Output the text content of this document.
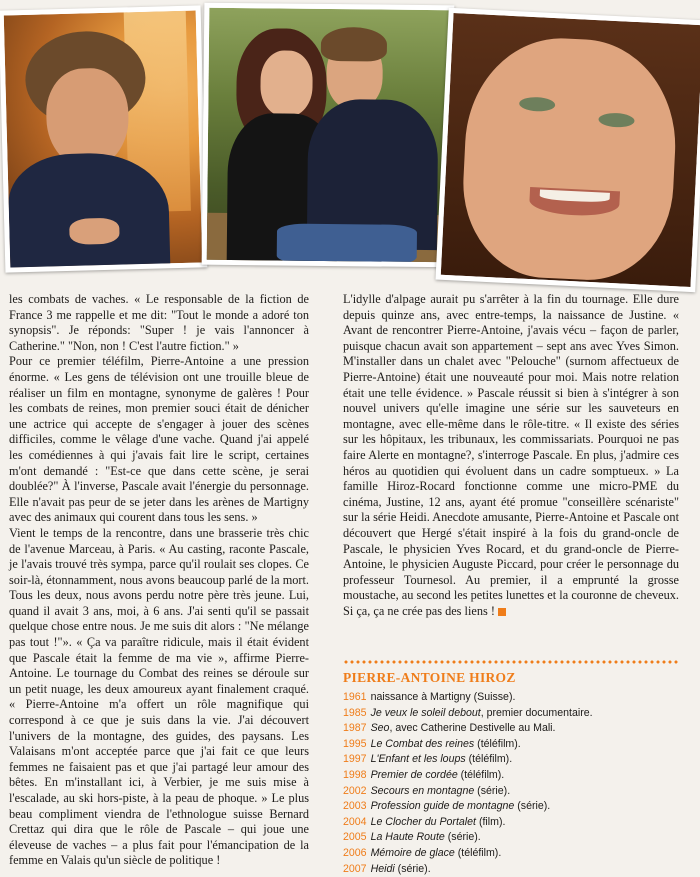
les combats de vaches. « Le responsable de la fiction de France 3 me rappelle et me dit: "Tout le monde a adoré ton synopsis". Je réponds: "Super ! je vais l'annoncer à Catherine." "Non, non ! C'est l'autre fiction." »

Pour ce premier téléfilm, Pierre-Antoine a une pression énorme. « Les gens de télévision ont une trouille bleue de réaliser un film en montagne, synonyme de galères ! Pour les combats de reines, mon premier souci était de dénicher une actrice qui accepte de s'engager à jouer des scènes difficiles, comme le vêlage d'une vache. Quand j'ai appelé les comédiennes à qui j'avais fait lire le script, certaines m'ont demandé : "Est-ce que dans cette scène, je serai doublée?" À l'inverse, Pascale avait l'énergie du personnage. Elle n'avait pas peur de se jeter dans les arènes de Martigny avec des animaux qui courent dans tous les sens. »

Vient le temps de la rencontre, dans une brasserie très chic de l'avenue Marceau, à Paris. « Au casting, raconte Pascale, je l'avais trouvé très sympa, parce qu'il roulait ses clopes. Ce soir-là, étonnamment, nous avons beaucoup parlé de la mort. Tous les deux, nous avons perdu notre père très jeune. Lui, quand il avait 3 ans, moi, à 6 ans. J'ai senti qu'il se passait quelque chose entre nous. Je me suis dit alors : "Ne mélange pas tout !"». « Ça va paraître ridicule, mais il était évident que Pascale était la femme de ma vie », affirme Pierre-Antoine. Le tournage du Combat des reines se déroule sur un petit nuage, les deux amoureux ayant finalement craqué. « Pierre-Antoine m'a offert un rôle magnifique qui correspond à ce que je suis dans la vie. J'ai découvert l'univers de la montagne, des guides, des paysans. Les Valaisans m'ont acceptée parce que j'ai fait ce que leurs femmes ne faisaient pas et que j'ai partagé leur amour des bêtes. En m'installant ici, à Verbier, je me suis mise à l'escalade, au ski hors-piste, à la peau de phoque. » Le plus beau compliment viendra de l'ethnologue suisse Bernard Crettaz qui dira que le rôle de Pascale – qui joue une éleveuse de vaches – a plus fait pour l'émancipation de la femme en Valais qu'un siècle de politique !

L'idylle d'alpage aurait pu s'arrêter à la fin du tournage. Elle dure depuis quinze ans, avec entre-temps, la naissance de Justine. « Avant de rencontrer Pierre-Antoine, j'avais vécu – façon de parler, puisque chacun avait son appartement – sept ans avec Yves Simon. M'installer dans un chalet avec "Pelouche" (surnom affectueux de Pierre-Antoine) était une nouveauté pour moi. Mais notre relation était une telle évidence. » Pascale réussit si bien à s'intégrer à son nouvel univers qu'elle imagine une série sur les sauveteurs en montagne, avec elle-même dans le rôle-titre. « Il existe des séries sur les hôpitaux, les tribunaux, les commissariats. Pourquoi ne pas faire Alerte en montagne?, s'interroge Pascale. En plus, j'admire ces héros au quotidien qui évoluent dans un cadre somptueux. » La famille Hiroz-Rocard fonctionne comme une micro-PME du cinéma, Justine, 12 ans, ayant été promue "conseillère scénariste" sur la série Heidi. Anecdote amusante, Pierre-Antoine et Pascale ont découvert que Hergé s'était inspiré à la fois du grand-oncle de Pascale, le physicien Yves Rocard, et du grand-oncle de Pierre-Antoine, le physicien Auguste Piccard, pour créer le personnage du professeur Tournesol. Au premier, il a emprunté la grosse moustache, au second les petites lunettes et la couronne de cheveux. Si ça, ça ne crée pas des liens !

PIERRE-ANTOINE HIROZ
1961 naissance à Martigny (Suisse).
1985 Je veux le soleil debout, premier documentaire.
1987 Seo, avec Catherine Destivelle au Mali.
1995 Le Combat des reines (téléfilm).
1997 L'Enfant et les loups (téléfilm).
1998 Premier de cordée (téléfilm).
2002 Secours en montagne (série).
2003 Profession guide de montagne (série).
2004 Le Clocher du Portalet (film).
2005 La Haute Route (série).
2006 Mémoire de glace (téléfilm).
2007 Heidi (série).
